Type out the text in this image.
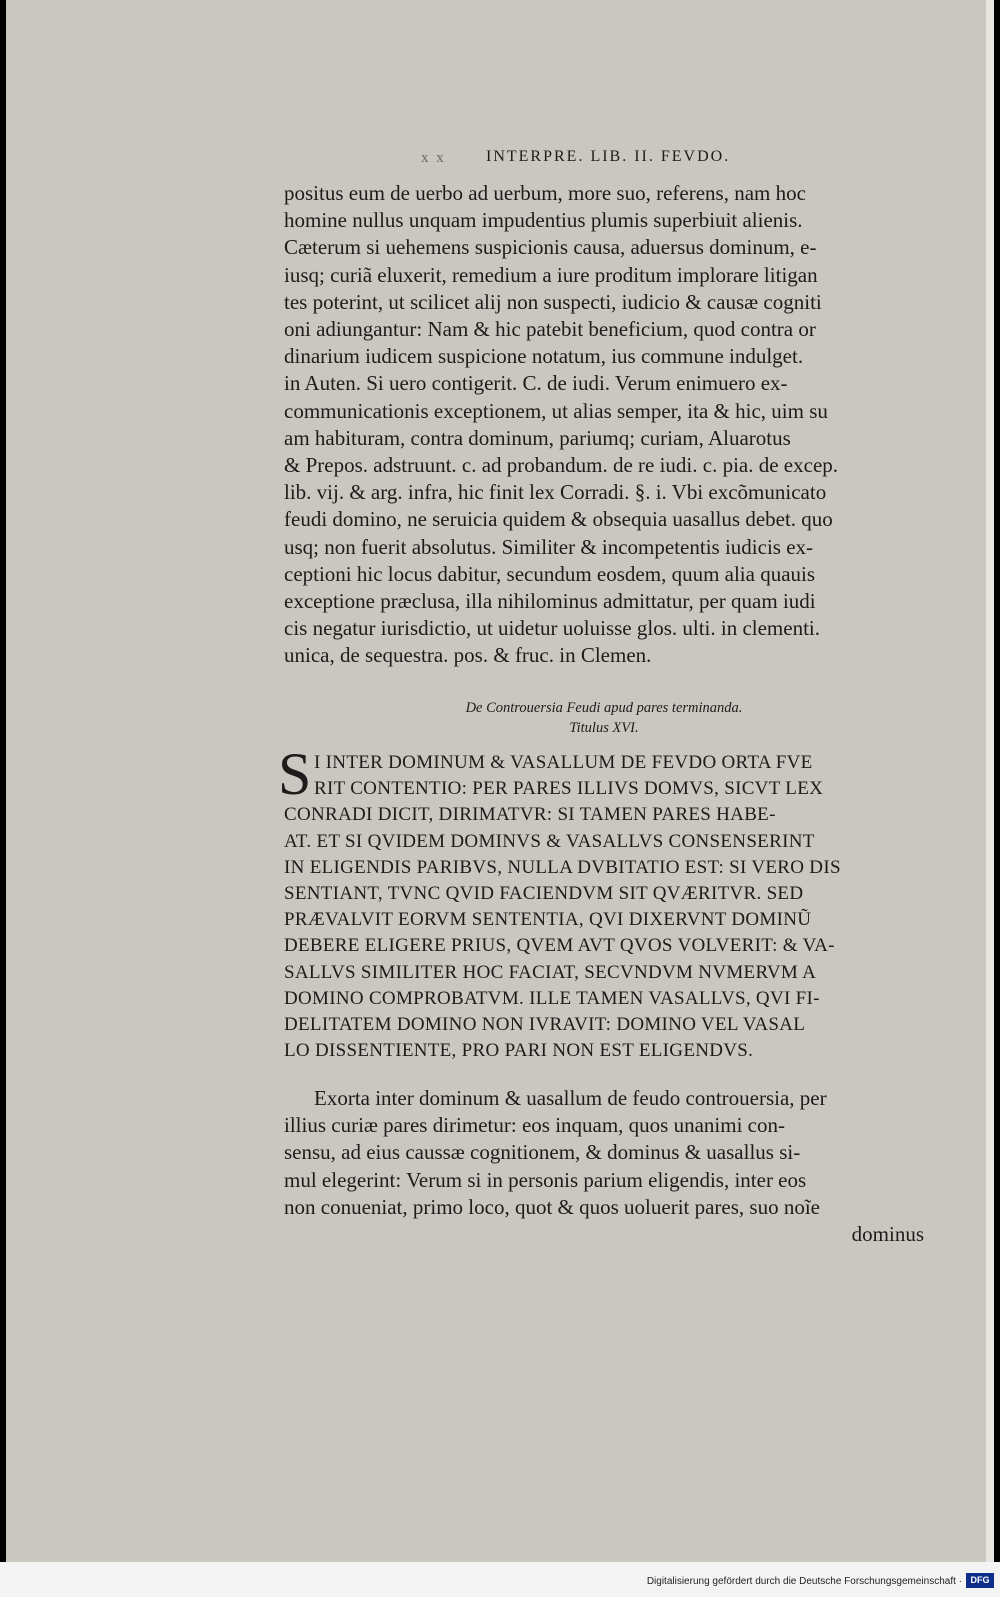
x x	INTERPRE. LIB. II. FEVDO.
positus eum de uerbo ad uerbum, more suo, referens, nam hoc
homine nullus unquam impudentius plumis superbiuit alienis.
Cæterum si uehemens suspicionis causa, aduersus dominum, e-
iusq; curiã eluxerit, remedium a iure proditum implorare litigan
tes poterint, ut scilicet alij non suspecti, iudicio & causæ cogniti
oni adiungantur: Nam & hic patebit beneficium, quod contra or
dinarium iudicem suspicione notatum, ius commune indulget.
in Auten. Si uero contigerit. C. de iudi. Verum enimuero ex-
communicationis exceptionem, ut alias semper, ita & hic, uim su
am habituram, contra dominum, pariumq; curiam, Aluarotus
& Prepos. adstruunt. c. ad probandum. de re iudi. c. pia. de excep.
lib. vij. & arg. infra, hic finit lex Corradi. §. i. Vbi excõmunicato
feudi domino, ne seruicia quidem & obsequia uasallus debet. quo
usq; non fuerit absolutus. Similiter & incompetentis iudicis ex-
ceptioni hic locus dabitur, secundum eosdem, quum alia quauis
exceptione præclusa, illa nihilominus admittatur, per quam iudi
cis negatur iurisdictio, ut uidetur uoluisse glos. ulti. in clementi.
unica, de sequestra. pos. & fruc. in Clemen.
De Controuersia Feudi apud pares terminanda.
Titulus XVI.
S I INTER DOMINUM & VASALLUM DE FEVDO ORTA FVE
RIT CONTENTIO: PER PARES ILLIVS DOMVS, SICVT LEX
CONRADI DICIT, DIRIMATVR: SI TAMEN PARES HABE-
AT. ET SI QVIDEM DOMINVS & VASALLVS CONSENSERINT
IN ELIGENDIS PARIBVS, NULLA DVBITATIO EST: SI VERO DIS
SENTIANT, TVNC QVID FACIENDVM SIT QVÆRITVR. SED
PRÆVALVIT EORVM SENTENTIA, QVI DIXERVNT DOMINŨ
DEBERE ELIGERE PRIUS, QVEM AVT QVOS VOLVERIT: & VA-
SALLVS SIMILITER HOC FACIAT, SECVNDVM NVMERVM A
DOMINO COMPROBATVM. ILLE TAMEN VASALLVS, QVI FI-
DELITATEM DOMINO NON IVRAVIT: DOMINO VEL VASAL
LO DISSENTIENTE, PRO PARI NON EST ELIGENDVS.
Exorta inter dominum & uasallum de feudo controuersia, per
illius curiæ pares dirimetur: eos inquam, quos unanimi con-
sensu, ad eius caussæ cognitionem, & dominus & uasallus si-
mul elegerint: Verum si in personis parium eligendis, inter eos
non conueniat, primo loco, quot & quos uoluerit pares, suo noĩe
dominus
Digitalisierung gefördert durch die Deutsche Forschungsgemeinschaft · DFG
